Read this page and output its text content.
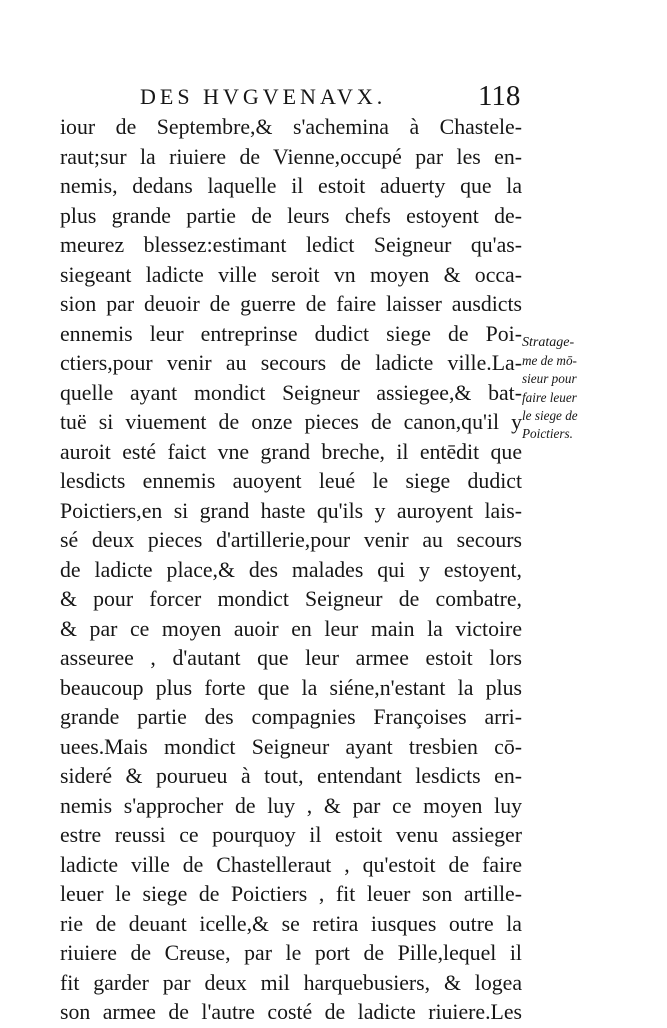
DES HVGVENAVX.	118
iour de Septembre,& s'achemina à Chastele-
raut;sur la riuiere de Vienne,occupé par les en-
nemis, dedans laquelle il estoit aduerty que la
plus grande partie de leurs chefs estoyent de-
meurez blessez:estimant ledict Seigneur qu'as-
siegeant ladicte ville seroit vn moyen & occa-
sion par deuoir de guerre de faire laisser ausdicts
ennemis leur entreprinse dudict siege de Poi-
ctiers,pour venir au secours de ladicte ville.La-
quelle ayant mondict Seigneur assiegee,& bat-
tuë si viuement de onze pieces de canon,qu'il y
auroit esté faict vne grand breche, il entēdit que
lesdicts ennemis auoyent leué le siege dudict
Poictiers,en si grand haste qu'ils y auroyent lais-
sé deux pieces d'artillerie,pour venir au secours
de ladicte place,& des malades qui y estoyent,
& pour forcer mondict Seigneur de combatre,
& par ce moyen auoir en leur main la victoire
asseuree , d'autant que leur armee estoit lors
beaucoup plus forte que la siéne,n'estant la plus
grande partie des compagnies Françoises arri-
uees.Mais mondict Seigneur ayant tresbien cō-
sideré & pourueu à tout, entendant lesdicts en-
nemis s'approcher de luy , & par ce moyen luy
estre reussi ce pourquoy il estoit venu assieger
ladicte ville de Chastelleraut , qu'estoit de faire
leuer le siege de Poictiers , fit leuer son artille-
rie de deuant icelle,& se retira iusques outre la
riuiere de Creuse, par le port de Pille,lequel il
fit garder par deux mil harquebusiers, & logea
son armee de l'autre costé de ladicte riuiere.Les
Stratage-
me de mō-
sieur pour
faire leuer
le siege de
Poictiers.
